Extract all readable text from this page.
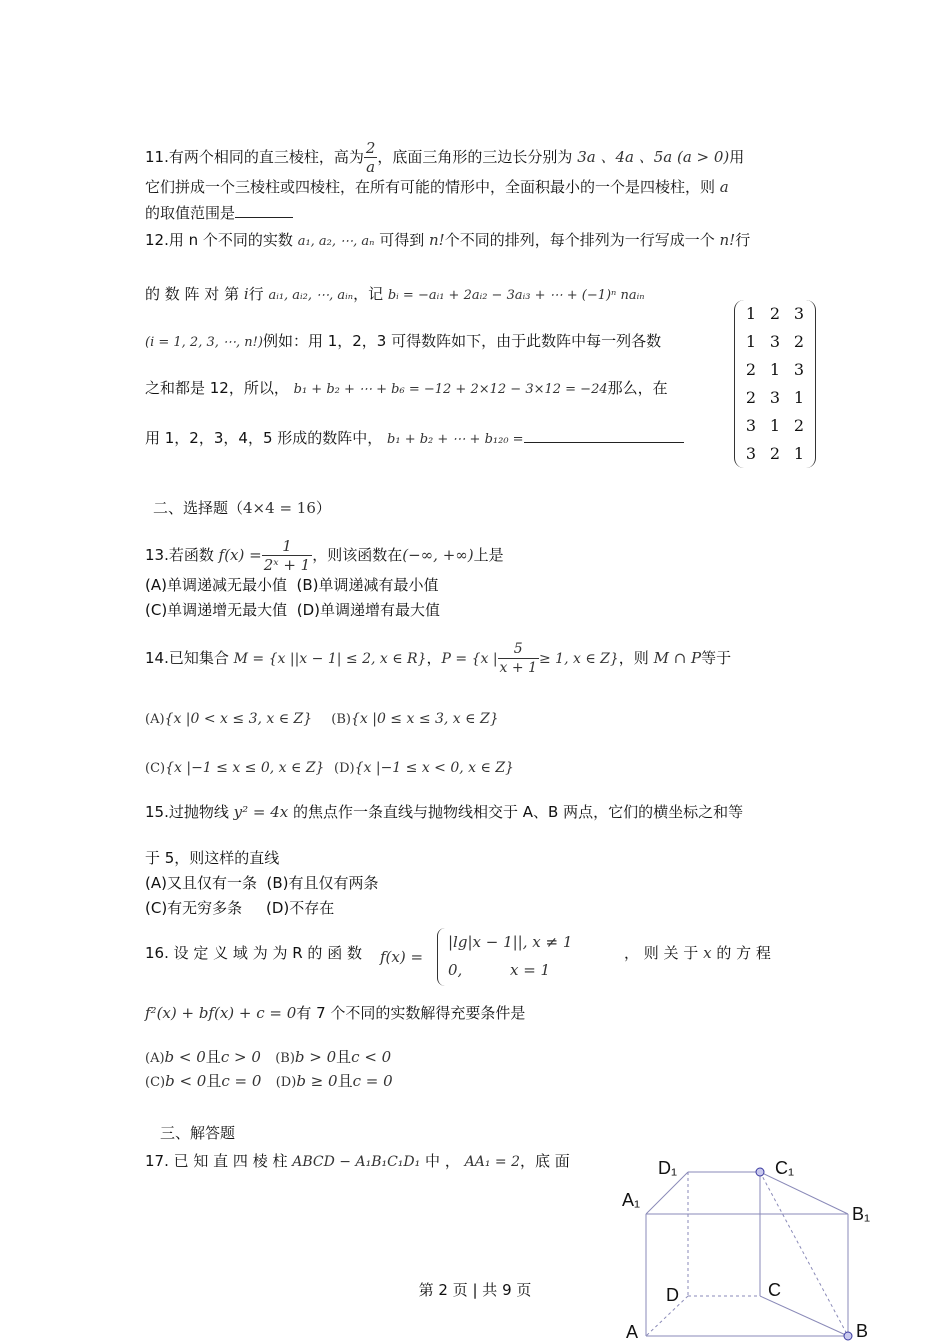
11.有两个相同的直三棱柱，高为 $\frac{2}{a}$ ，底面三角形的三边长分别为 3a 、4a 、5a (a > 0)用
它们拼成一个三棱柱或四棱柱，在所有可能的情形中，全面积最小的一个是四棱柱，则 a
的取值范围是
12.用 n 个不同的实数 a₁, a₂, ⋯, aₙ 可得到 n!个不同的排列，每个排列为一行写成一个 n!行
的 数 阵 对 第 i行 aᵢ₁, aᵢ₂, ⋯, aᵢₙ，记 bᵢ = −aᵢ₁ + 2aᵢ₂ − 3aᵢ₃ + ⋯ + (−1)ⁿ naᵢₙ
(i = 1, 2, 3, ⋯, n!)例如：用 1，2，3 可得数阵如下，由于此数阵中每一列各数
之和都是 12，所以， b₁ + b₂ + ⋯ + b₆ = −12 + 2×12 − 3×12 = −24那么，在
用 1，2，3，4，5 形成的数阵中， b₁ + b₂ + ⋯ + b₁₂₀ =
1 2 3
1 3 2
2 1 3
2 3 1
3 1 2
3 2 1
二、选择题（4×4 = 16）
13.若函数 $f(x) = \frac{1}{\text{2ˣ + 1}}$ ，则该函数在(−∞, +∞)上是
(A)单调递减无最小值 (B)单调递减有最小值
(C)单调递增无最大值 (D)单调递增有最大值
14.已知集合 M = {x ||x − 1| ≤ 2, x ∈ R}，P = {x | $\frac{5}{x + 1} \ge 1$, x ∈ Z}，则 M ∩ P等于
(A){x |0 < x ≤ 3, x ∈ Z} (B){x |0 ≤ x ≤ 3, x ∈ Z}
(C){x |−1 ≤ x ≤ 0, x ∈ Z} (D){x |−1 ≤ x < 0, x ∈ Z}
15.过抛物线 y² = 4x 的焦点作一条直线与抛物线相交于 A、B 两点，它们的横坐标之和等
于 5，则这样的直线
(A)又且仅有一条 (B)有且仅有两条
(C)有无穷多条 (D)不存在
16. 设 定 义 域 为 为 R 的 函 数 f(x) =
|lg|x − 1||, x ≠ 1
0,          x = 1
， 则 关 于 x 的 方 程
f²(x) + bf(x) + c = 0有 7 个不同的实数解得充要条件是
(A)b < 0且c > 0 (B)b > 0且c < 0
(C)b < 0且c = 0 (D)b ≥ 0且c = 0
三、解答题
17. 已 知 直 四 棱 柱 ABCD − A₁B₁C₁D₁ 中 ， AA₁ = 2，底 面	D₁	C₁
A₁
B₁
D	C
A	B
第 2 页 | 共 9 页
